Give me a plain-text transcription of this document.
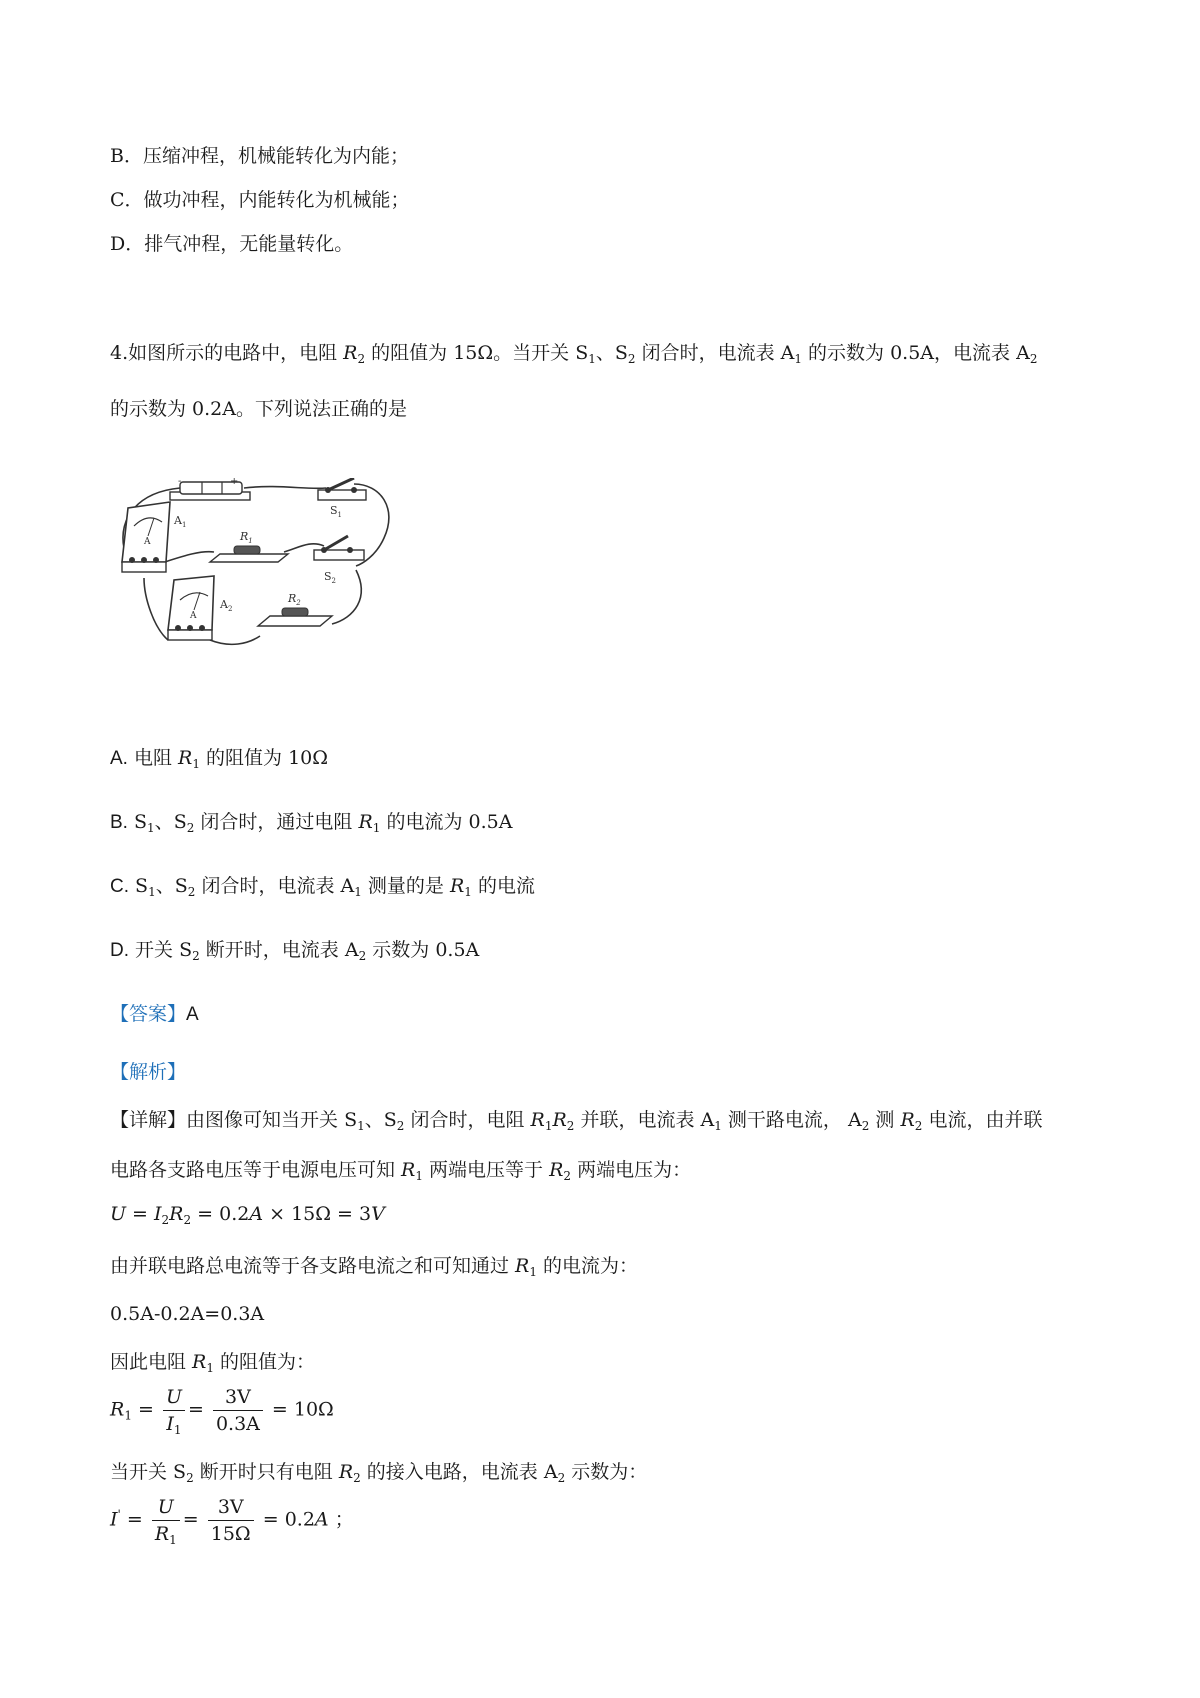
B．压缩冲程，机械能转化为内能；
C．做功冲程，内能转化为机械能；
D．排气冲程，无能量转化。
4.如图所示的电路中，电阻 $R_2$ 的阻值为 15Ω。当开关 $S_1$、$S_2$ 闭合时，电流表 $A_1$ 的示数为 0.5A，电流表 $A_2$
的示数为 0.2A。下列说法正确的是
-	+
$S_1$
$S_2$
$R_1$
$R_2$
A
$A_1$
A
$A_2$
A. 电阻 $R_1$ 的阻值为 10Ω
B. $S_1$、$S_2$ 闭合时，通过电阻 $R_1$ 的电流为 0.5A
C. $S_1$、$S_2$ 闭合时，电流表 $A_1$ 测量的是 $R_1$ 的电流
D. 开关 $S_2$ 断开时，电流表 $A_2$ 示数为 0.5A
【答案】A
【解析】
【详解】由图像可知当开关 $S_1$、$S_2$ 闭合时，电阻 $R_1R_2$ 并联，电流表 $A_1$ 测干路电流， $A_2$ 测 $R_2$ 电流，由并联
电路各支路电压等于电源电压可知 $R_1$ 两端电压等于 $R_2$ 两端电压为：
$U = I_2R_2 = 0.2A \times 15\Omega = 3V$
由并联电路总电流等于各支路电流之和可知通过 $R_1$ 的电流为：
0.5A-0.2A=0.3A
因此电阻 $R_1$ 的阻值为：
$R_1 = \frac{U}{I_1} = \frac{3V}{0.3A} = 10\Omega$
当开关 $S_2$ 断开时只有电阻 $R_2$ 的接入电路，电流表 $A_2$ 示数为：
$I' = \frac{U}{R_1} = \frac{3V}{15\Omega} = 0.2A$ ；
